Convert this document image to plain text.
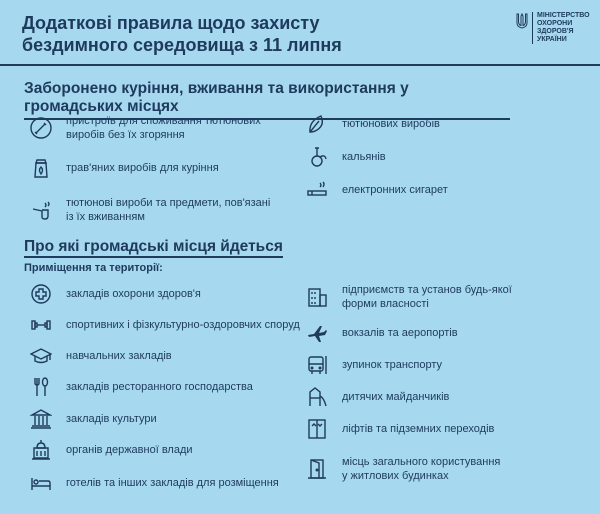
Додаткові правила щодо захисту
бездимного середовища з 11 липня
МІНІСТЕРСТВО
ОХОРОНИ
ЗДОРОВ'Я
УКРАЇНИ
Заборонено куріння, вживання та використання у громадських місцях
пристроїв для споживання тютюнових
виробів без їх згоряння
трав'яних виробів для куріння
тютюнові вироби та предмети, пов'язані
із їх вживанням
тютюнових виробів
кальянів
електронних сигарет
Про які громадські місця йдеться
Приміщення та території:
закладів охорони здоров'я
спортивних і фізкультурно-оздоровчих споруд
навчальних закладів
закладів ресторанного господарства
закладів культури
органів державної влади
готелів та інших закладів для розміщення
підприємств та установ будь-якої
форми власності
вокзалів та аеропортів
зупинок транспорту
дитячих майданчиків
ліфтів та підземних переходів
місць загального користування
у житлових будинках
